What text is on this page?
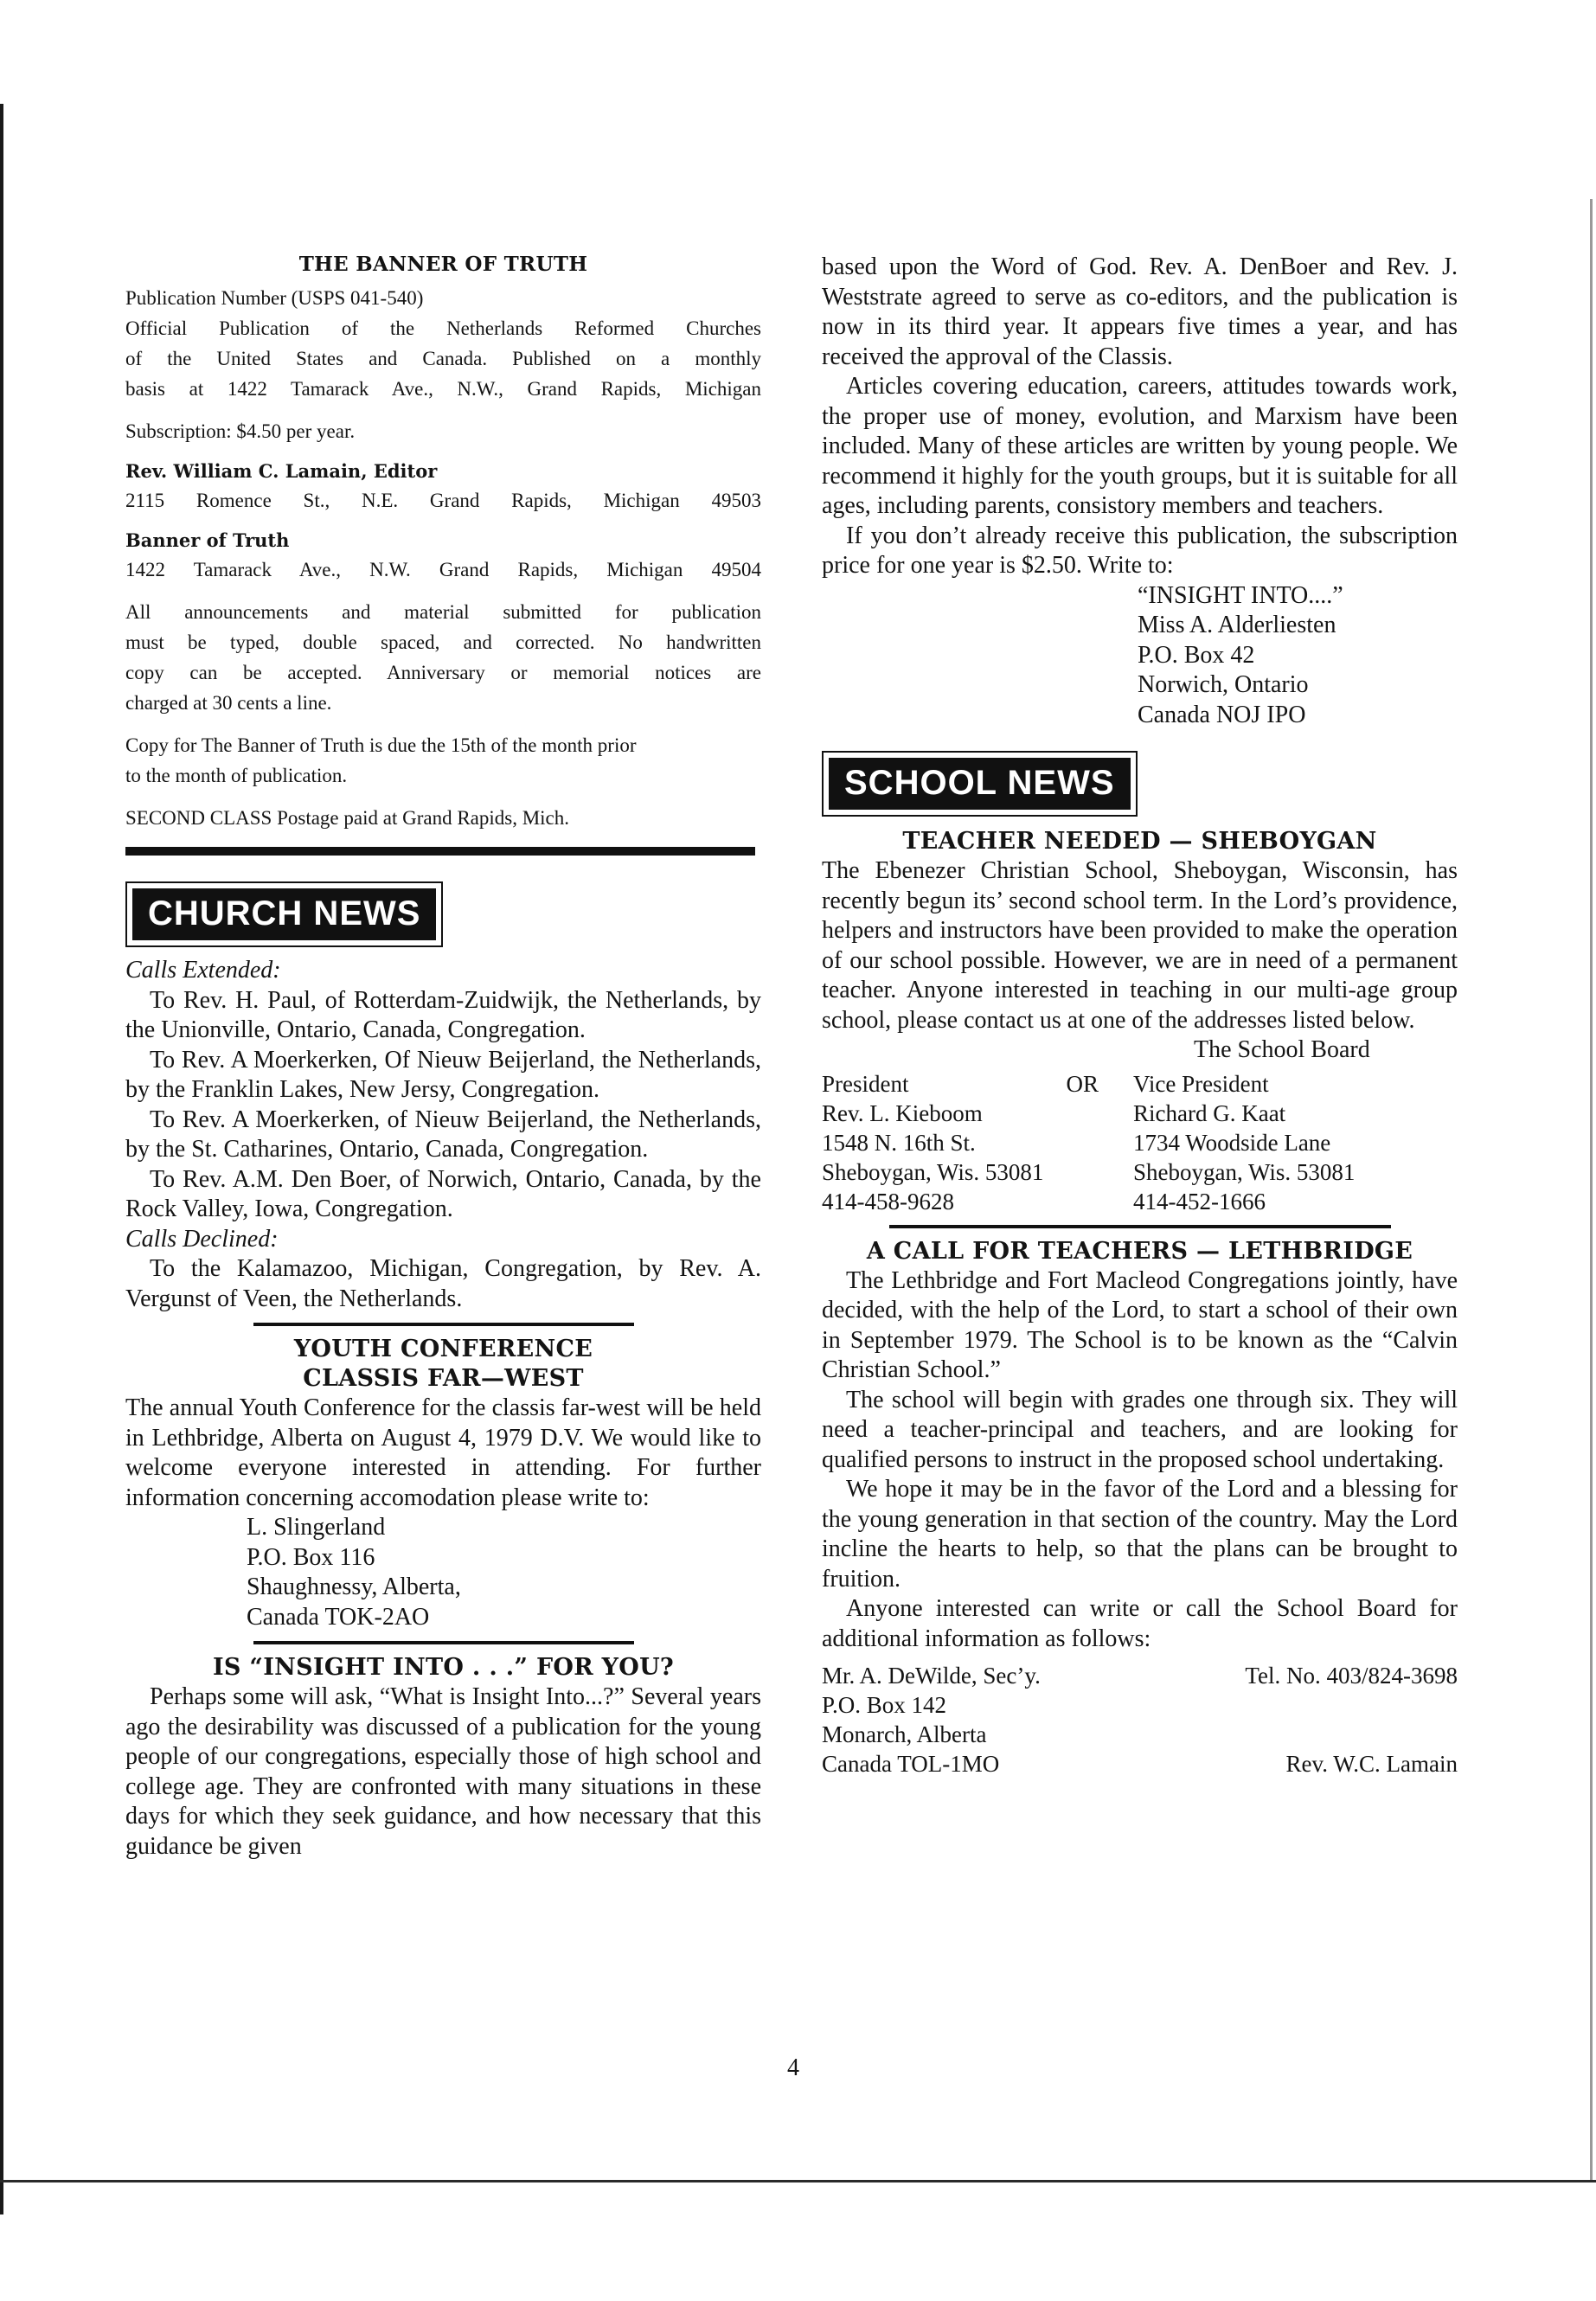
THE BANNER OF TRUTH

Publication Number (USPS 041-540)

Official Publication of the Netherlands Reformed Churches

of the United States and Canada. Published on a monthly

basis at 1422 Tamarack Ave., N.W., Grand Rapids, Michigan

Subscription: $4.50 per year.

Rev. William C. Lamain, Editor

2115 Romence St., N.E. Grand Rapids, Michigan 49503

Banner of Truth

1422 Tamarack Ave., N.W. Grand Rapids, Michigan 49504

All announcements and material submitted for publication

must be typed, double spaced, and corrected. No handwritten

copy can be accepted. Anniversary or memorial notices are

charged at 30 cents a line.

Copy for The Banner of Truth is due the 15th of the month prior

to the month of publication.

SECOND CLASS Postage paid at Grand Rapids, Mich.

CHURCH NEWS

Calls Extended:

To Rev. H. Paul, of Rotterdam-Zuidwijk, the Netherlands, by the Unionville, Ontario, Canada, Congregation.

To Rev. A Moerkerken, Of Nieuw Beijerland, the Netherlands, by the Franklin Lakes, New Jersy, Congregation.

To Rev. A Moerkerken, of Nieuw Beijerland, the Netherlands, by the St. Catharines, Ontario, Canada, Congregation.

To Rev. A.M. Den Boer, of Norwich, Ontario, Canada, by the Rock Valley, Iowa, Congregation.

Calls Declined:

To the Kalamazoo, Michigan, Congregation, by Rev. A. Vergunst of Veen, the Netherlands.

YOUTH CONFERENCE

CLASSIS FAR—WEST

The annual Youth Conference for the classis far-west will be held in Lethbridge, Alberta on August 4, 1979 D.V. We would like to welcome everyone interested in attending. For further information concerning accomodation please write to:

L. Slingerland

P.O. Box 116

Shaughnessy, Alberta,

Canada TOK-2AO

IS “INSIGHT INTO . . .” FOR YOU?

Perhaps some will ask, “What is Insight Into...?” Several years ago the desirability was discussed of a publication for the young people of our congregations, especially those of high school and college age. They are confronted with many situations in these days for which they seek guidance, and how necessary that this guidance be given

based upon the Word of God. Rev. A. DenBoer and Rev. J. Weststrate agreed to serve as co-editors, and the publication is now in its third year. It appears five times a year, and has received the approval of the Classis.

Articles covering education, careers, attitudes towards work, the proper use of money, evolution, and Marxism have been included. Many of these articles are written by young people. We recommend it highly for the youth groups, but it is suitable for all ages, including parents, consistory members and teachers.

If you don’t already receive this publication, the subscription price for one year is $2.50. Write to:

“INSIGHT INTO....”

Miss A. Alderliesten

P.O. Box 42

Norwich, Ontario

Canada NOJ IPO

SCHOOL NEWS

TEACHER NEEDED — SHEBOYGAN

The Ebenezer Christian School, Sheboygan, Wisconsin, has recently begun its’ second school term. In the Lord’s providence, helpers and instructors have been provided to make the operation of our school possible. However, we are in need of a permanent teacher. Anyone interested in teaching in our multi-age group school, please contact us at one of the addresses listed below.

The School Board

President	OR Vice President
Rev. L. Kieboom	Richard G. Kaat
1548 N. 16th St.	1734 Woodside Lane
Sheboygan, Wis. 53081	Sheboygan, Wis. 53081
414-458-9628	414-452-1666

A CALL FOR TEACHERS — LETHBRIDGE

The Lethbridge and Fort Macleod Congregations jointly, have decided, with the help of the Lord, to start a school of their own in September 1979. The School is to be known as the “Calvin Christian School.”

The school will begin with grades one through six. They will need a teacher-principal and teachers, and are looking for qualified persons to instruct in the proposed school undertaking.

We hope it may be in the favor of the Lord and a blessing for the young generation in that section of the country. May the Lord incline the hearts to help, so that the plans can be brought to fruition.

Anyone interested can write or call the School Board for additional information as follows:

Mr. A. DeWilde, Sec’y.	Tel. No. 403/824-3698
P.O. Box 142
Monarch, Alberta
Canada TOL-1MO	Rev. W.C. Lamain
4
